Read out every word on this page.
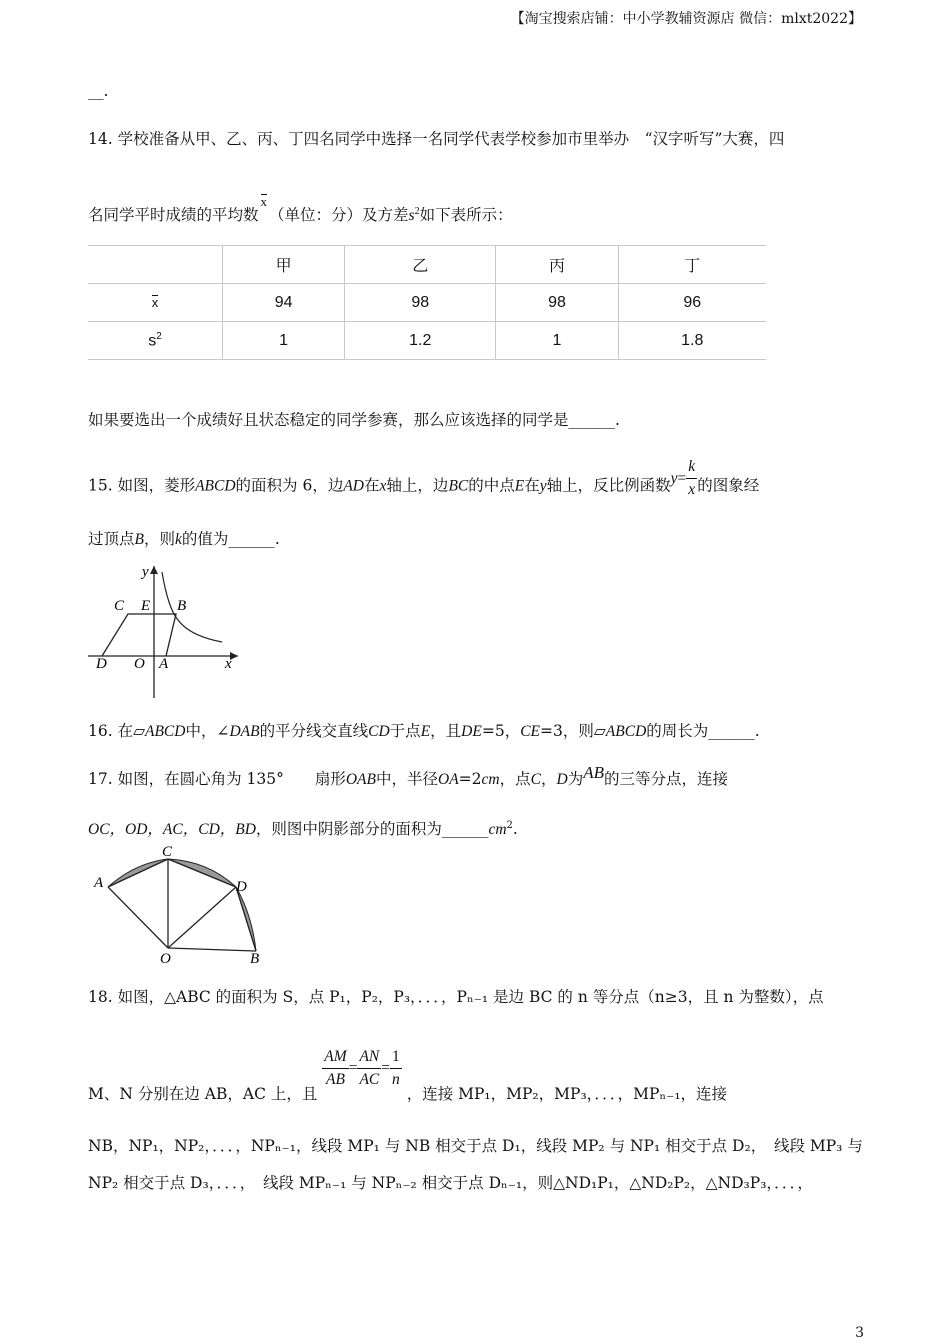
【淘宝搜索店铺：中小学教辅资源店 微信：mlxt2022】
__.
14. 学校准备从甲、乙、丙、丁四名同学中选择一名同学代表学校参加市里举办　“汉字听写”大赛，四
名同学平时成绩的平均数x（单位：分）及方差$s^2$如下表所示：
	甲	乙	丙	丁
x	94	98	98	96
$s^2$	1	1.2	1	1.8
如果要选出一个成绩好且状态稳定的同学参赛，那么应该选择的同学是______.
15. 如图，菱形ABCD的面积为 6，边AD在x轴上，边BC的中点E在y轴上，反比例函数$y= \frac{k}{x}$ 的图象经
过顶点B，则k的值为______.
y
C E B
D O A	x
16. 在▱ABCD中，∠DAB的平分线交直线CD于点E，且DE=5，CE=3，则▱ABCD的周长为______.
17. 如图，在圆心角为 135°　　扇形OAB中，半径OA=2cm，点C，D为AB的三等分点，连接
OC，OD，AC，CD，BD，则图中阴影部分的面积为$\_\_\_\_\_\_cm^2$.
A
C
D
O	B
18. 如图，△ABC 的面积为 S，点 P₁，P₂，P₃，．．．，Pₙ₋₁ 是边 BC 的 n 等分点（n≥3，且 n 为整数），点
M、N 分别在边 AB，AC 上，且
$\frac{AM}{AB} = \frac{AN}{AC} = \frac{1}{n}$
，连接 MP₁，MP₂，MP₃，．．．，MPₙ₋₁，连接
NB，NP₁，NP₂，．．．，NPₙ₋₁，线段 MP₁ 与 NB 相交于点 D₁，线段 MP₂ 与 NP₁ 相交于点 D₂，　线段 MP₃ 与
NP₂ 相交于点 D₃，．．．，　线段 MPₙ₋₁ 与 NPₙ₋₂ 相交于点 Dₙ₋₁，则△ND₁P₁，△ND₂P₂，△ND₃P₃，．．．，
3
